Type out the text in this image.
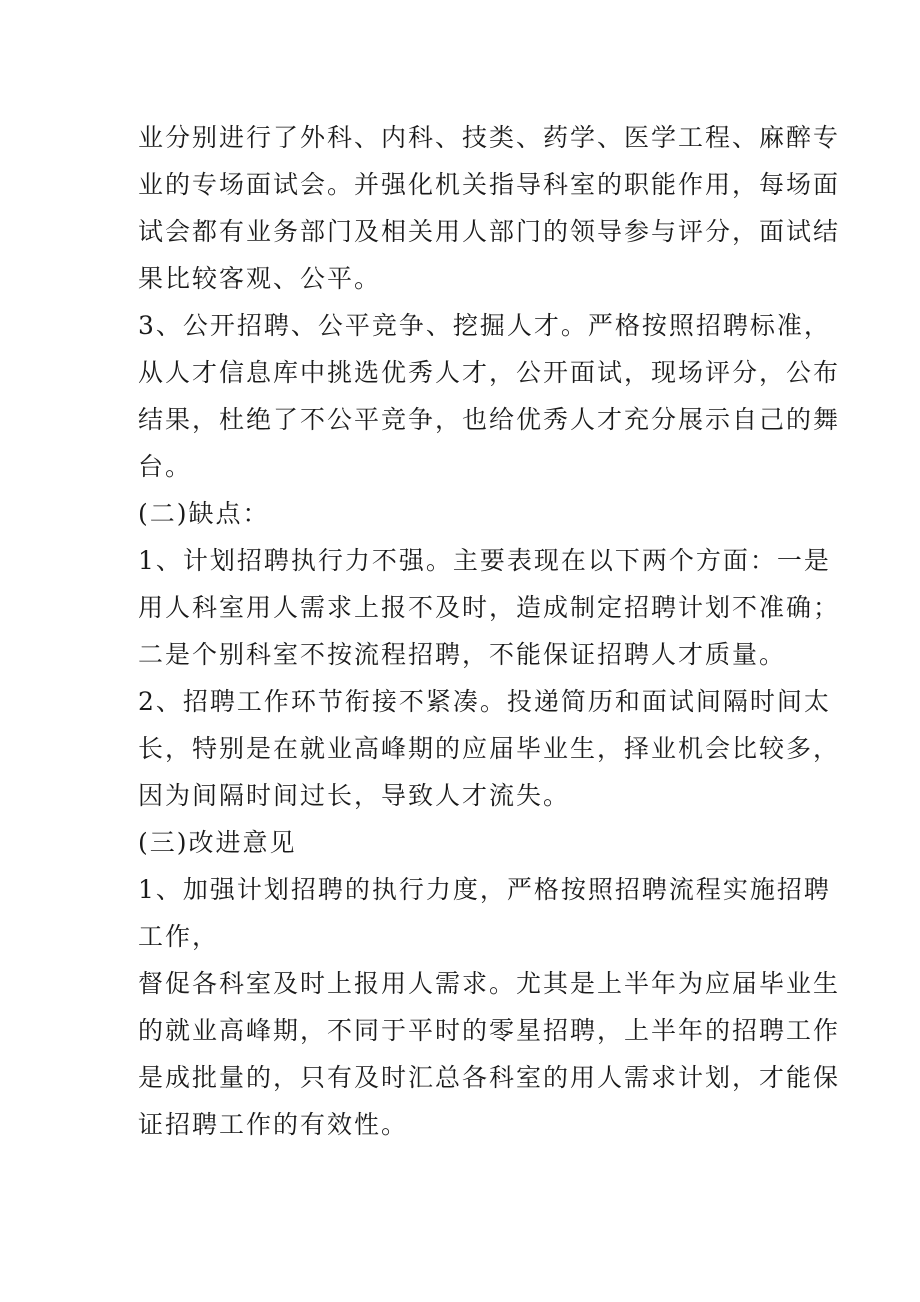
业分别进行了外科、内科、技类、药学、医学工程、麻醉专
业的专场面试会。并强化机关指导科室的职能作用，每场面
试会都有业务部门及相关用人部门的领导参与评分，面试结
果比较客观、公平。
3、公开招聘、公平竞争、挖掘人才。严格按照招聘标准，
从人才信息库中挑选优秀人才，公开面试，现场评分，公布
结果，杜绝了不公平竞争，也给优秀人才充分展示自己的舞
台。
(二)缺点：
1、计划招聘执行力不强。主要表现在以下两个方面：一是
用人科室用人需求上报不及时，造成制定招聘计划不准确；
二是个别科室不按流程招聘，不能保证招聘人才质量。
2、招聘工作环节衔接不紧凑。投递简历和面试间隔时间太
长，特别是在就业高峰期的应届毕业生，择业机会比较多，
因为间隔时间过长，导致人才流失。
(三)改进意见
1、加强计划招聘的执行力度，严格按照招聘流程实施招聘
工作，
督促各科室及时上报用人需求。尤其是上半年为应届毕业生
的就业高峰期，不同于平时的零星招聘，上半年的招聘工作
是成批量的，只有及时汇总各科室的用人需求计划，才能保
证招聘工作的有效性。
